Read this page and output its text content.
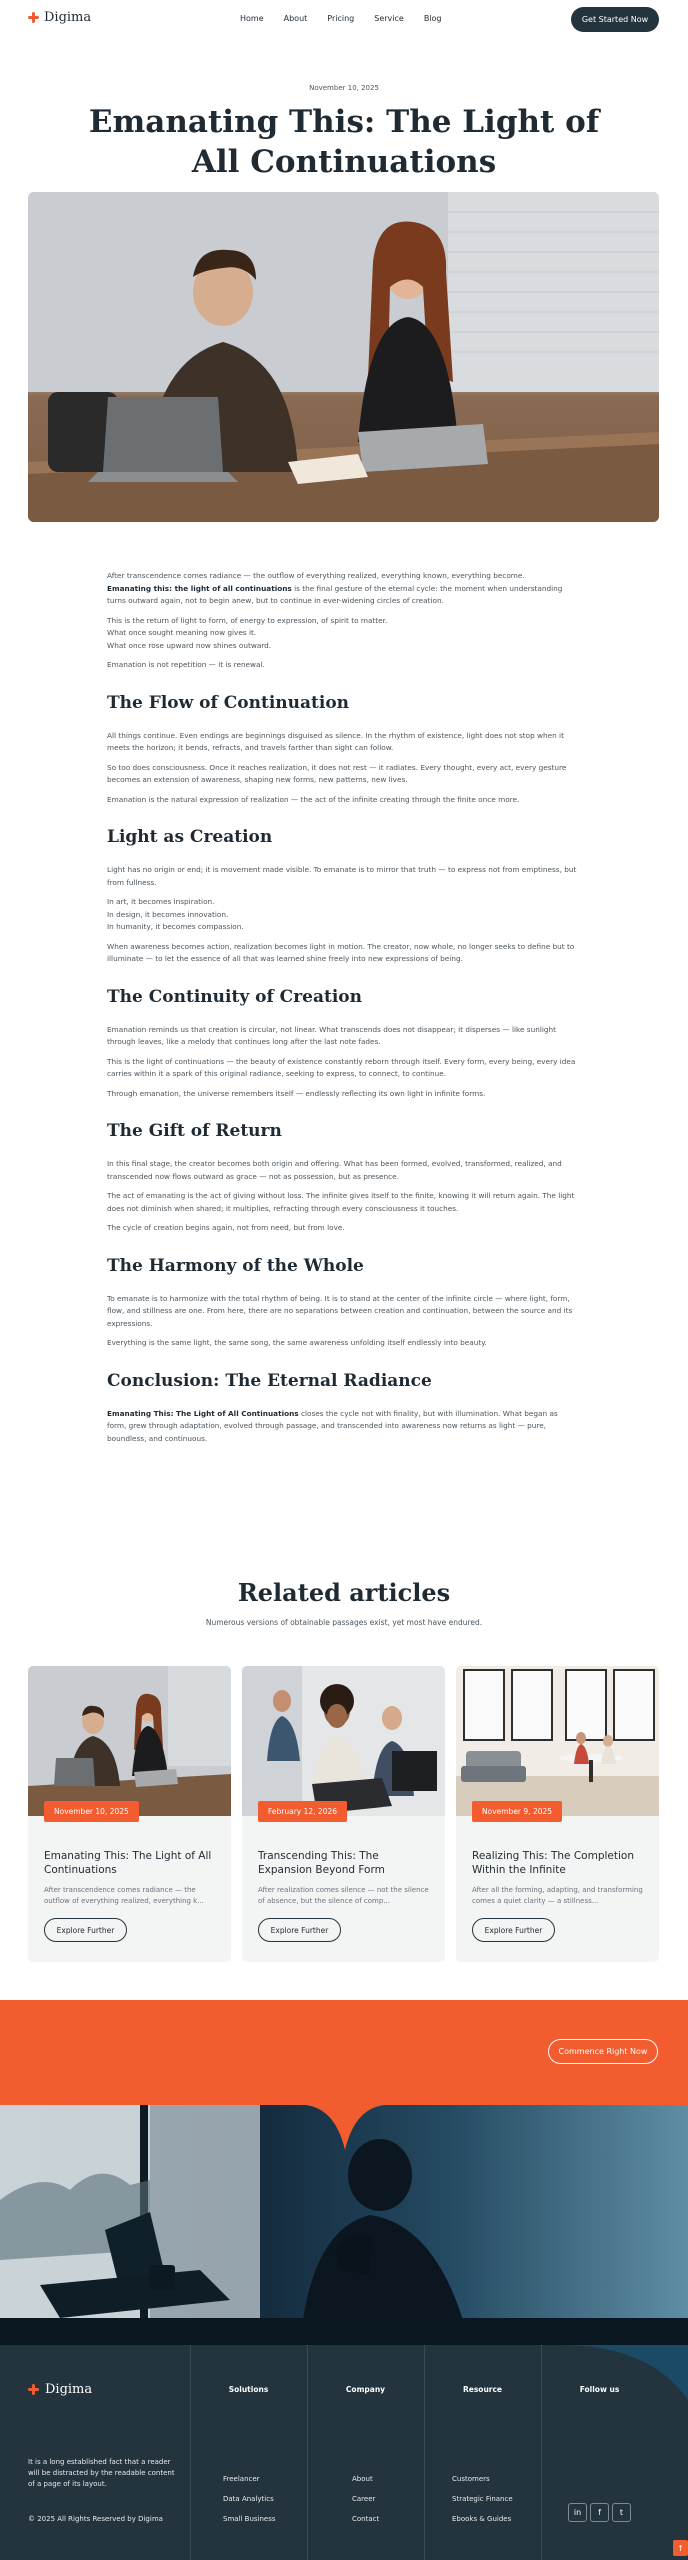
Digima	Home	About	Pricing	Service	Blog	Get Started Now
November 10, 2025
Emanating This: The Light of All Continuations

After transcendence comes radiance — the outflow of everything realized, everything known, everything become.
Emanating this: the light of all continuations is the final gesture of the eternal cycle: the moment when understanding turns outward again, not to begin anew, but to continue in ever-widening circles of creation.

This is the return of light to form, of energy to expression, of spirit to matter.
What once sought meaning now gives it.
What once rose upward now shines outward.

Emanation is not repetition — it is renewal.

The Flow of Continuation

All things continue. Even endings are beginnings disguised as silence. In the rhythm of existence, light does not stop when it meets the horizon; it bends, refracts, and travels farther than sight can follow.

So too does consciousness. Once it reaches realization, it does not rest — it radiates. Every thought, every act, every gesture becomes an extension of awareness, shaping new forms, new patterns, new lives.

Emanation is the natural expression of realization — the act of the infinite creating through the finite once more.

Light as Creation

Light has no origin or end; it is movement made visible. To emanate is to mirror that truth — to express not from emptiness, but from fullness.

In art, it becomes inspiration.
In design, it becomes innovation.
In humanity, it becomes compassion.

When awareness becomes action, realization becomes light in motion. The creator, now whole, no longer seeks to define but to illuminate — to let the essence of all that was learned shine freely into new expressions of being.

The Continuity of Creation

Emanation reminds us that creation is circular, not linear. What transcends does not disappear; it disperses — like sunlight through leaves, like a melody that continues long after the last note fades.

This is the light of continuations — the beauty of existence constantly reborn through itself. Every form, every being, every idea carries within it a spark of this original radiance, seeking to express, to connect, to continue.

Through emanation, the universe remembers itself — endlessly reflecting its own light in infinite forms.

The Gift of Return

In this final stage, the creator becomes both origin and offering. What has been formed, evolved, transformed, realized, and transcended now flows outward as grace — not as possession, but as presence.

The act of emanating is the act of giving without loss. The infinite gives itself to the finite, knowing it will return again. The light does not diminish when shared; it multiplies, refracting through every consciousness it touches.

The cycle of creation begins again, not from need, but from love.

The Harmony of the Whole

To emanate is to harmonize with the total rhythm of being. It is to stand at the center of the infinite circle — where light, form, flow, and stillness are one. From here, there are no separations between creation and continuation, between the source and its expressions.

Everything is the same light, the same song, the same awareness unfolding itself endlessly into beauty.

Conclusion: The Eternal Radiance

Emanating This: The Light of All Continuations closes the cycle not with finality, but with illumination. What began as form, grew through adaptation, evolved through passage, and transcended into awareness now returns as light — pure, boundless, and continuous.

Related articles

Numerous versions of obtainable passages exist, yet most have endured.

November 10, 2025
Emanating This: The Light of All Continuations
After transcendence comes radiance — the outflow of everything realized, everything k...
Explore Further
February 12, 2026
Transcending This: The Expansion Beyond Form
After realization comes silence — not the silence of absence, but the silence of comp...
Explore Further
November 9, 2025
Realizing This: The Completion Within the Infinite
After all the forming, adapting, and transforming comes a quiet clarity — a stillness...
Explore Further
Commence Right Now
Digima

It is a long established fact that a reader will be distracted by the readable content of a page of its layout.

© 2025 All Rights Reserved by Digima

Solutions
Freelancer
Data Analytics
Small Business
Company
About
Career
Contact
Resource
Customers
Strategic Finance
Ebooks & Guides
Follow us
in	f	t
↑
